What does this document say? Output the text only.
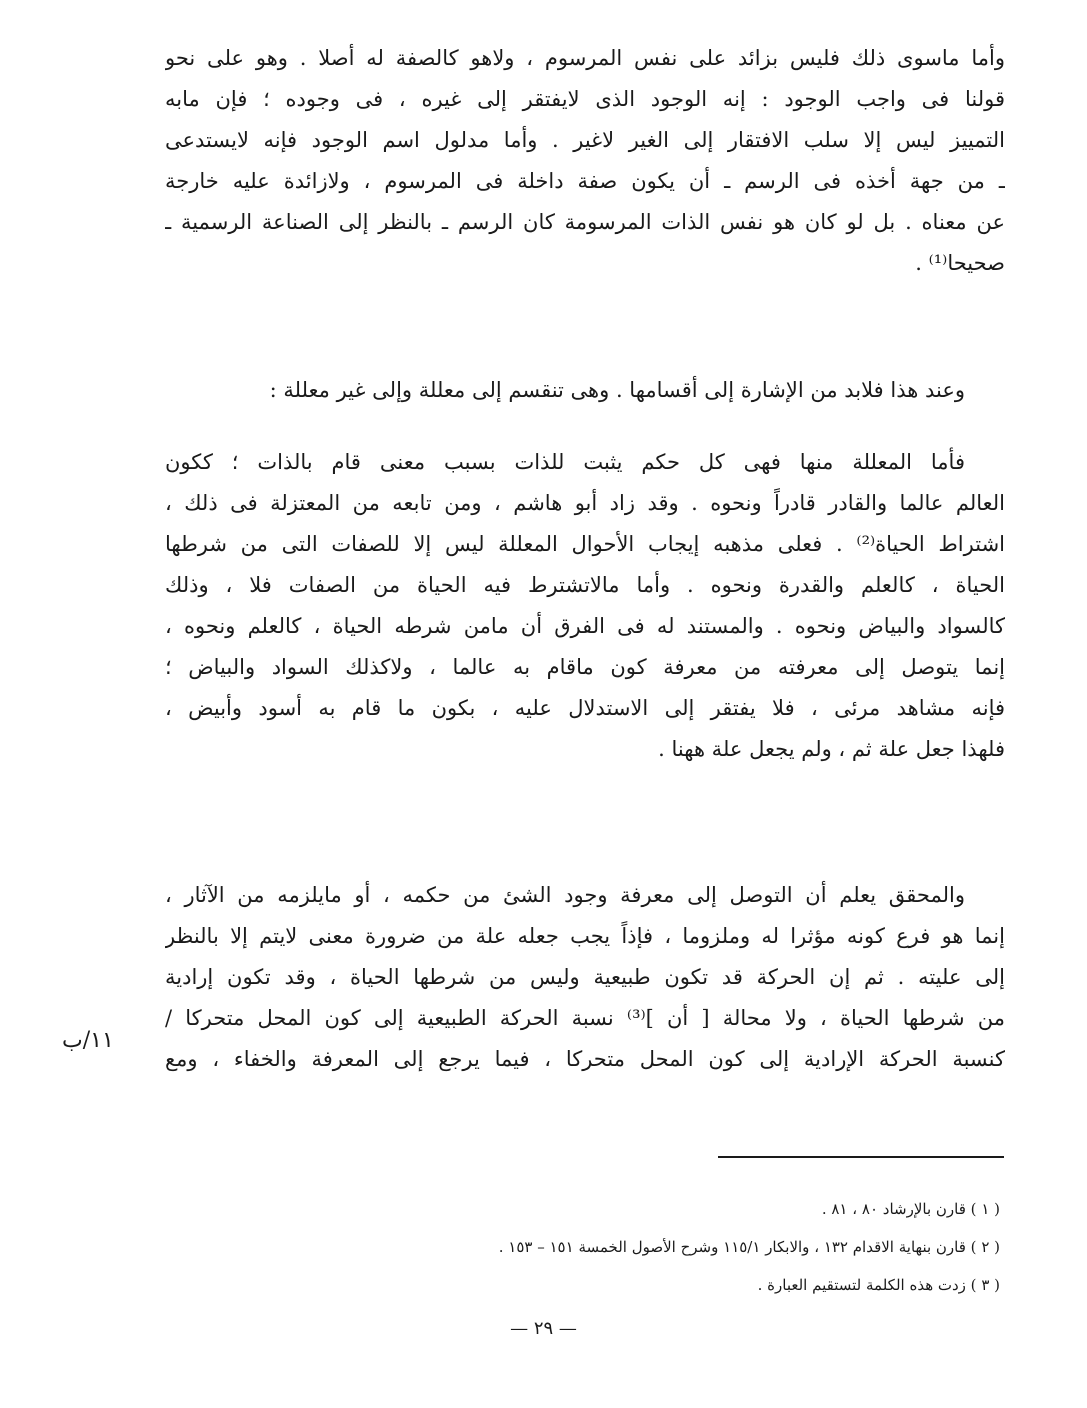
وأما ماسوى ذلك فليس بزائد على نفس المرسوم ، ولاهو كالصفة له أصلا . وهو على نحو
قولنا فى واجب الوجود : إنه الوجود الذى لايفتقر إلى غيره ، فى وجوده ؛ فإن مابه
التمييز ليس إلا سلب الافتقار إلى الغير لاغير . وأما مدلول اسم الوجود فإنه لايستدعى
ـ من جهة أخذه فى الرسم ـ أن يكون صفة داخلة فى المرسوم ، ولازائدة عليه خارجة
عن معناه . بل لو كان هو نفس الذات المرسومة كان الرسم ـ بالنظر إلى الصناعة الرسمية ـ
صحيحا⁽¹⁾ .
وعند هذا فلابد من الإشارة إلى أقسامها . وهى تنقسم إلى معللة وإلى غير معللة :
فأما المعللة منها فهى كل حكم يثبت للذات بسبب معنى قام بالذات ؛ ككون
العالم عالما والقادر قادراً ونحوه . وقد زاد أبو هاشم ، ومن تابعه من المعتزلة فى ذلك ،
اشتراط الحياة⁽²⁾ . فعلى مذهبه إيجاب الأحوال المعللة ليس إلا للصفات التى من شرطها
الحياة ، كالعلم والقدرة ونحوه . وأما مالاتشترط فيه الحياة من الصفات فلا ، وذلك
كالسواد والبياض ونحوه . والمستند له فى الفرق أن مامن شرطه الحياة ، كالعلم ونحوه ،
إنما يتوصل إلى معرفته من معرفة كون ماقام به عالما ، ولاكذلك السواد والبياض ؛
فإنه مشاهد مرئى ، فلا يفتقر إلى الاستدلال عليه ، بكون ما قام به أسود وأبيض ،
فلهذا جعل علة ثم ، ولم يجعل علة ههنا .
والمحقق يعلم أن التوصل إلى معرفة وجود الشئ من حكمه ، أو مايلزمه من الآثار ،
إنما هو فرع كونه مؤثرا له وملزوما ، فإذاً يجب جعله علة من ضرورة معنى لايتم إلا بالنظر
إلى عليته . ثم إن الحركة قد تكون طبيعية وليس من شرطها الحياة ، وقد تكون إرادية
من شرطها الحياة ، ولا محالة [ أن ]⁽³⁾ نسبة الحركة الطبيعية إلى كون المحل متحركا /
كنسبة الحركة الإرادية إلى كون المحل متحركا ، فيما يرجع إلى المعرفة والخفاء ، ومع
١١/ب
( ١ ) قارن بالإرشاد ٨٠ ، ٨١ .
( ٢ ) قارن بنهاية الاقدام ١٣٢ ، والابكار ١١٥/١ وشرح الأصول الخمسة ١٥١ – ١٥٣ .
( ٣ ) زدت هذه الكلمة لتستقيم العبارة .
— ٢٩ —
